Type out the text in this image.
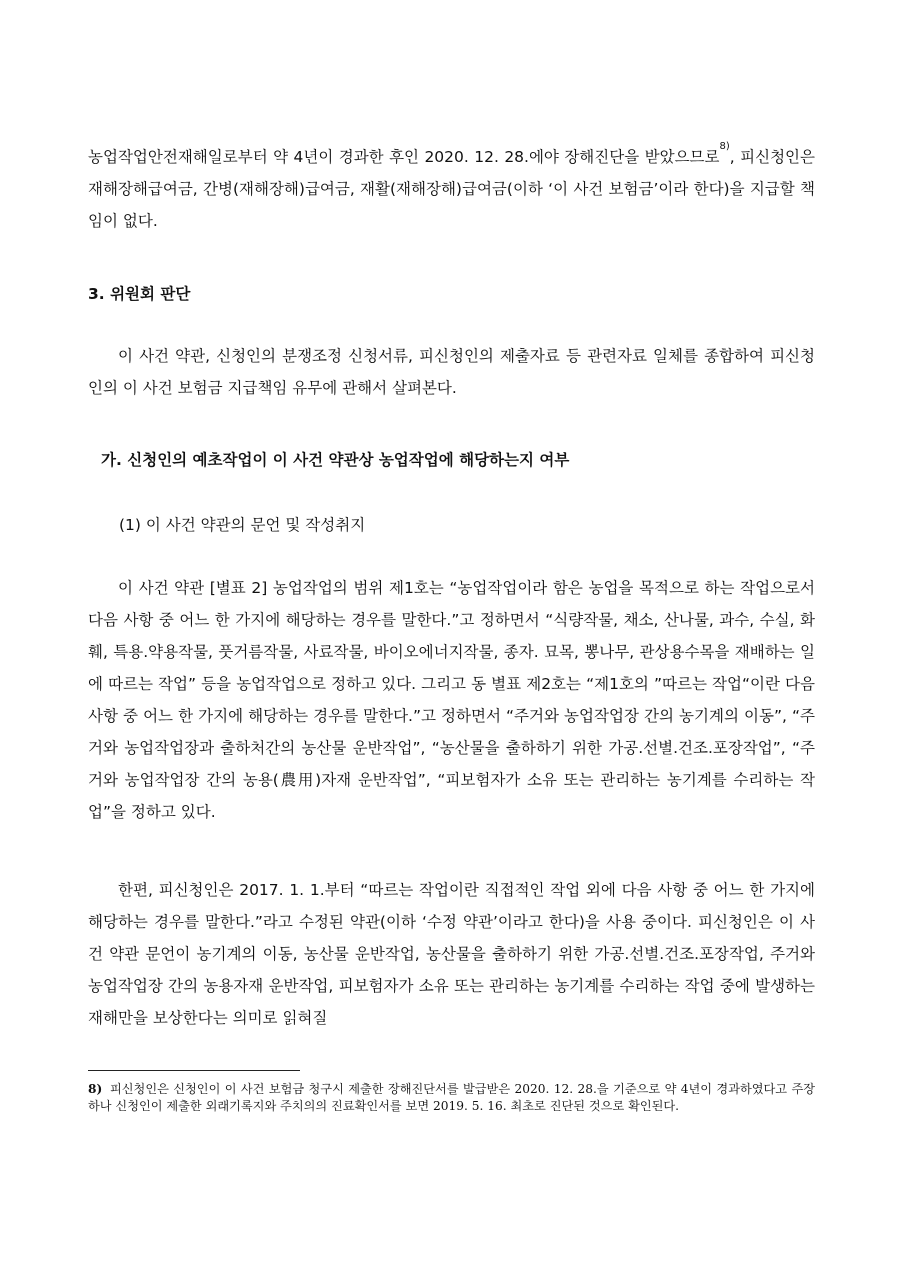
농업작업안전재해일로부터 약 4년이 경과한 후인 2020. 12. 28.에야 장해진단을 받았으므로$^{8)}$, 피신청인은 재해장해급여금, 간병(재해장해)급여금, 재활(재해장해)급여금(이하 ‘이 사건 보험금’이라 한다)을 지급할 책임이 없다.

3. 위원회 판단

이 사건 약관, 신청인의 분쟁조정 신청서류, 피신청인의 제출자료 등 관련자료 일체를 종합하여 피신청인의 이 사건 보험금 지급책임 유무에 관해서 살펴본다.

가. 신청인의 예초작업이 이 사건 약관상 농업작업에 해당하는지 여부

(1) 이 사건 약관의 문언 및 작성취지

이 사건 약관 [별표 2] 농업작업의 범위 제1호는 “농업작업이라 함은 농업을 목적으로 하는 작업으로서 다음 사항 중 어느 한 가지에 해당하는 경우를 말한다.”고 정하면서 “식량작물, 채소, 산나물, 과수, 수실, 화훼, 특용.약용작물, 풋거름작물, 사료작물, 바이오에너지작물, 종자. 묘목, 뽕나무, 관상용수목을 재배하는 일에 따르는 작업” 등을 농업작업으로 정하고 있다. 그리고 동 별표 제2호는 “제1호의 ”따르는 작업“이란 다음 사항 중 어느 한 가지에 해당하는 경우를 말한다.”고 정하면서 “주거와 농업작업장 간의 농기계의 이동”, “주거와 농업작업장과 출하처간의 농산물 운반작업”, “농산물을 출하하기 위한 가공.선별.건조.포장작업”, “주거와 농업작업장 간의 농용(農用)자재 운반작업”, “피보험자가 소유 또는 관리하는 농기계를 수리하는 작업”을 정하고 있다.

한편, 피신청인은 2017. 1. 1.부터 “따르는 작업이란 직접적인 작업 외에 다음 사항 중 어느 한 가지에 해당하는 경우를 말한다.”라고 수정된 약관(이하 ‘수정 약관’이라고 한다)을 사용 중이다. 피신청인은 이 사건 약관 문언이 농기계의 이동, 농산물 운반작업, 농산물을 출하하기 위한 가공.선별.건조.포장작업, 주거와 농업작업장 간의 농용자재 운반작업, 피보험자가 소유 또는 관리하는 농기계를 수리하는 작업 중에 발생하는 재해만을 보상한다는 의미로 읽혀질

8) 피신청인은 신청인이 이 사건 보험금 청구시 제출한 장해진단서를 발급받은 2020. 12. 28.을 기준으로 약 4년이 경과하였다고 주장하나 신청인이 제출한 외래기록지와 주치의의 진료확인서를 보면 2019. 5. 16. 최초로 진단된 것으로 확인된다.
